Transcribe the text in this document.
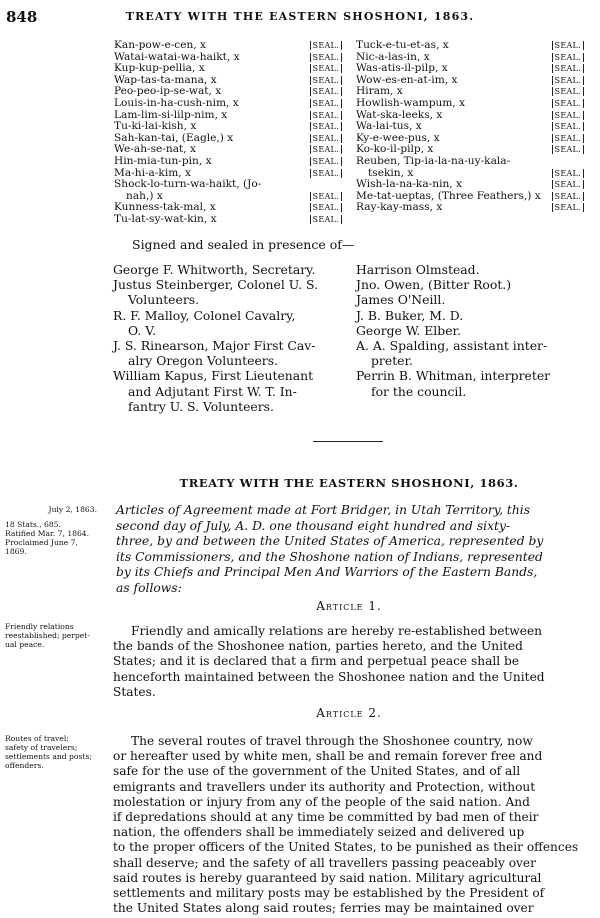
848	TREATY WITH THE EASTERN SHOSHONI, 1863.
Kan-pow-e-cen, x	SEAL.
Watai-watai-wa-haikt, x	SEAL.
Kup-kup-pellia, x	SEAL.
Wap-tas-ta-mana, x	SEAL.
Peo-peo-ip-se-wat, x	SEAL.
Louis-in-ha-cush-nim, x	SEAL.
Lam-lim-si-lilp-nim, x	SEAL.
Tu-ki-lai-kish, x	SEAL.
Sah-kan-tai, (Eagle,) x	SEAL.
We-ah-se-nat, x	SEAL.
Hin-mia-tun-pin, x	SEAL.
Ma-hi-a-kim, x	SEAL.
Shock-lo-turn-wa-haikt, (Jo-
nah,) x	SEAL.
Kunness-tak-mal, x	SEAL.
Tu-lat-sy-wat-kin, x	SEAL.
Tuck-e-tu-et-as, x	SEAL.
Nic-a-las-in, x	SEAL.
Was-atis-il-pilp, x	SEAL.
Wow-es-en-at-im, x	SEAL.
Hiram, x	SEAL.
Howlish-wampum, x	SEAL.
Wat-ska-leeks, x	SEAL.
Wa-lai-tus, x	SEAL.
Ky-e-wee-pus, x	SEAL.
Ko-ko-il-pilp, x	SEAL.
Reuben, Tip-ia-la-na-uy-kala-
tsekin, x	SEAL.
Wish-la-na-ka-nin, x	SEAL.
Me-tat-ueptas, (Three Feathers,) x	SEAL.
Ray-kay-mass, x	SEAL.
Signed and sealed in presence of—
George F. Whitworth, Secretary.
Justus Steinberger, Colonel U. S.
Volunteers.
R. F. Malloy, Colonel Cavalry,
O. V.
J. S. Rinearson, Major First Cav-
alry Oregon Volunteers.
William Kapus, First Lieutenant
and Adjutant First W. T. In-
fantry U. S. Volunteers.
Harrison Olmstead.
Jno. Owen, (Bitter Root.)
James O'Neill.
J. B. Buker, M. D.
George W. Elber.
A. A. Spalding, assistant inter-
preter.
Perrin B. Whitman, interpreter
for the council.
TREATY WITH THE EASTERN SHOSHONI, 1863.
July 2, 1863.
18 Stats., 685.
Ratified Mar. 7, 1864.
Proclaimed June 7,
1869.
Articles of Agreement made at Fort Bridger, in Utah Territory, this
second day of July, A. D. one thousand eight hundred and sixty-
three, by and between the United States of America, represented by
its Commissioners, and the Shoshone nation of Indians, represented
by its Chiefs and Principal Men And Warriors of the Eastern Bands,
as follows:
Article 1.
Friendly relations
reestablished; perpet-
ual peace.
Friendly and amically relations are hereby re-established between
the bands of the Shoshonee nation, parties hereto, and the United
States; and it is declared that a firm and perpetual peace shall be
henceforth maintained between the Shoshonee nation and the United
States.
Article 2.
Routes of travel;
safety of travelers;
settlements and posts;
offenders.
The several routes of travel through the Shoshonee country, now
or hereafter used by white men, shall be and remain forever free and
safe for the use of the government of the United States, and of all
emigrants and travellers under its authority and Protection, without
molestation or injury from any of the people of the said nation. And
if depredations should at any time be committed by bad men of their
nation, the offenders shall be immediately seized and delivered up
to the proper officers of the United States, to be punished as their offences
shall deserve; and the safety of all travellers passing peaceably over
said routes is hereby guaranteed by said nation. Military agricultural
settlements and military posts may be established by the President of
the United States along said routes; ferries may be maintained over
